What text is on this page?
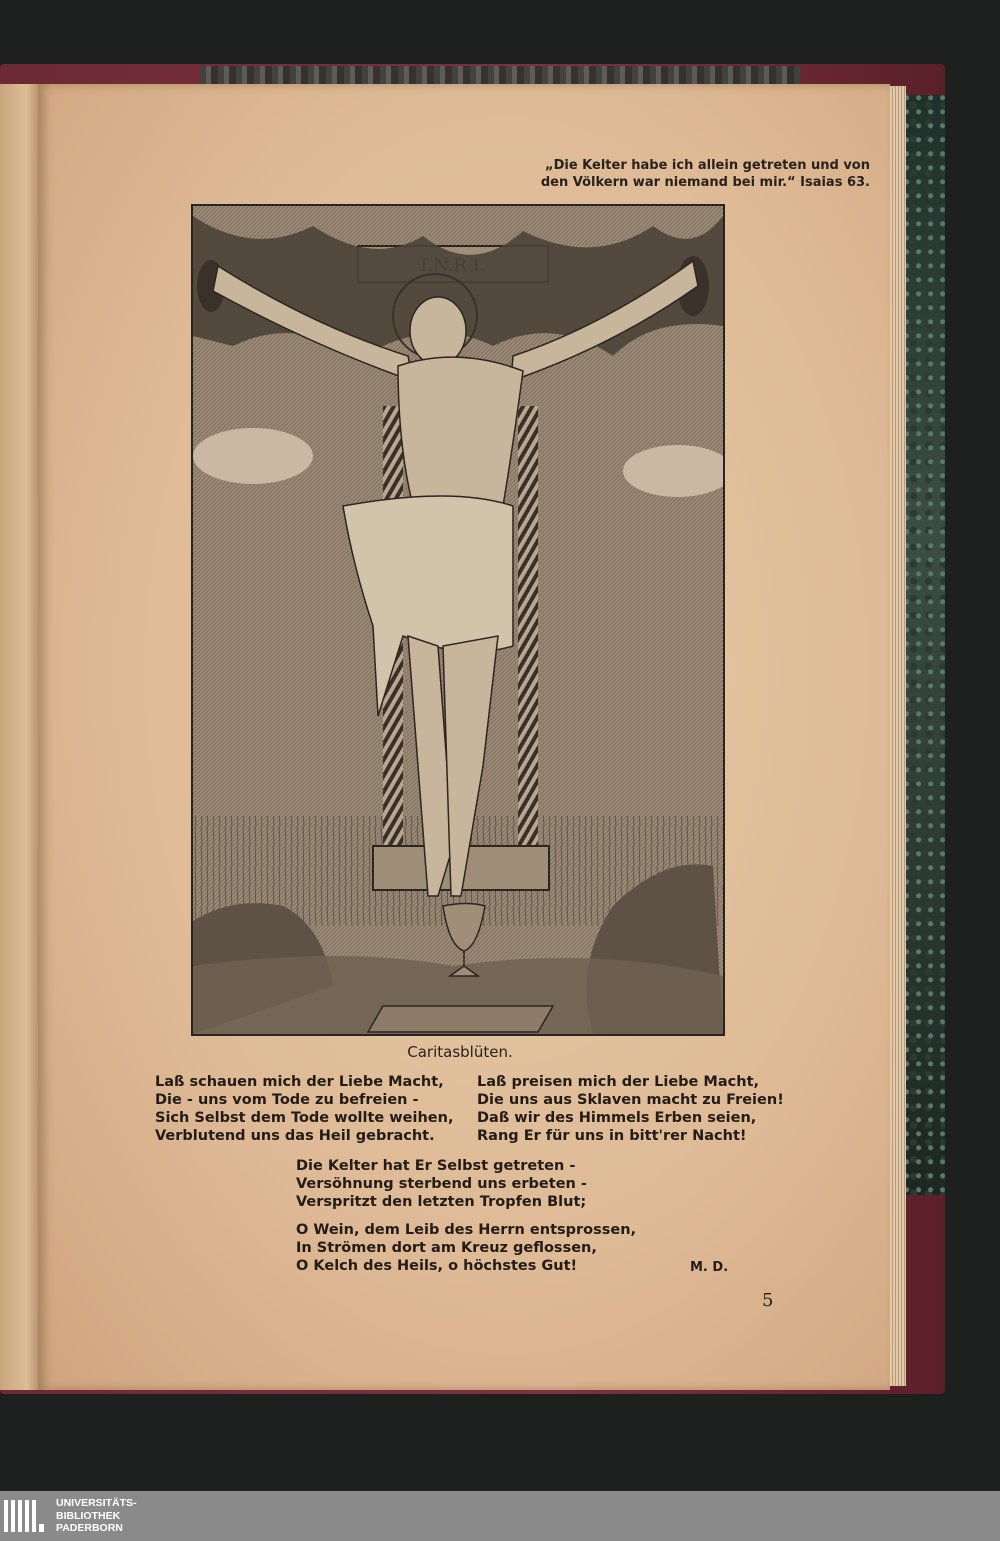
„Die Kelter habe ich allein getreten und von
den Völkern war niemand bei mir.“ Isaias 63.
Caritasblüten.
Laß schauen mich der Liebe Macht,
Die - uns vom Tode zu befreien -
Sich Selbst dem Tode wollte weihen,
Verblutend uns das Heil gebracht.
Laß preisen mich der Liebe Macht,
Die uns aus Sklaven macht zu Freien!
Daß wir des Himmels Erben seien,
Rang Er für uns in bitt'rer Nacht!
Die Kelter hat Er Selbst getreten -
Versöhnung sterbend uns erbeten -
Verspritzt den letzten Tropfen Blut;
O Wein, dem Leib des Herrn entsprossen,
In Strömen dort am Kreuz geflossen,
O Kelch des Heils, o höchstes Gut!	M. D.
5
UNIVERSITÄTS-
BIBLIOTHEK
PADERBORN
